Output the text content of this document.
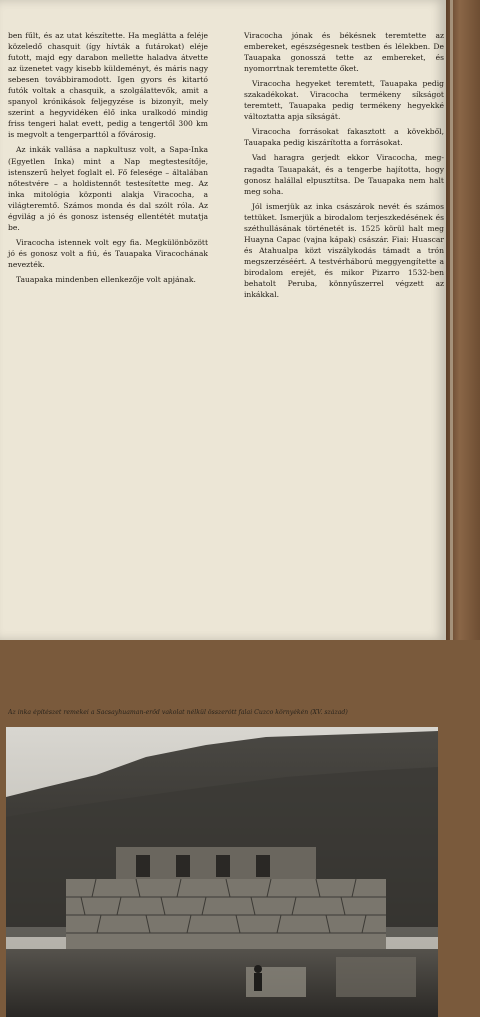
ben fűlt, és az utat készítette. Ha meglátta a feléje közeledő chasquit (így hívták a futárokat) eléje futott, majd egy darabon mellette haladva átvette az üzenetet vagy kisebb küldeményt, és máris nagy sebesen továbbiramodott. Igen gyors és kitartó futók voltak a chasquik, a szolgálattevők, amit a spanyol krónikások feljegyzése is bizonyít, mely szerint a hegyvidéken élő inka uralkodó mindig friss tengeri halat evett, pedig a tengertől 300 km is megvolt a tengerparttól a fővárosig.

Az inkák vallása a napkultusz volt, a Sapa-Inka (Egyetlen Inka) mint a Nap megtestesítője, istenszerű helyet foglalt el. Fő felesége – általában nőtestvére – a holdistennőt testesítette meg. Az inka mitológia központi alakja Viracocha, a világteremtő. Számos monda és dal szólt róla. Az égvilág a jó és gonosz istenség ellentétét mutatja be.

Viracocha istennek volt egy fia. Megkülönbözött jó és gonosz volt a fiú, és Tauapaka Viracochának nevezték.

Tauapaka mindenben ellenkezője volt apjának.

Viracocha jónak és békésnek teremtette az embereket, egészségesnek testben és lélekben. De Tauapaka gonosszá tette az embereket, és nyomorrtnak teremtette őket.

Viracocha hegyeket teremtett, Tauapaka pedig szakadékokat. Viracocha termékeny síkságot teremtett, Tauapaka pedig termékeny hegyekké változtatta apja síkságát.

Viracocha forrásokat fakasztott a kövekből, Tauapaka pedig kiszárította a forrásokat.

Vad haragra gerjedt ekkor Viracocha, megragadta Tauapakát, és a tengerbe hajította, hogy gonosz halállal elpusztítsa. De Tauapaka nem halt meg soha.

Jól ismerjük az inka császárok nevét és számos tettüket. Ismerjük a birodalom terjeszkedésének és széthullásának történetét is. 1525 körül halt meg Huayna Capac (vajna kápak) császár. Fiai: Huascar és Atahualpa közt viszálykodás támadt a trón megszerzéséért. A testvérháború meggyengítette a birodalom erejét, és mikor Pizarro 1532-ben behatolt Peruba, könnyűszerrel végzett az inkákkal.

Az inka építészet remekei a Sacsayhuaman-erőd vakolat nélkül összerótt falai Cuzco környékén (XV. század)
